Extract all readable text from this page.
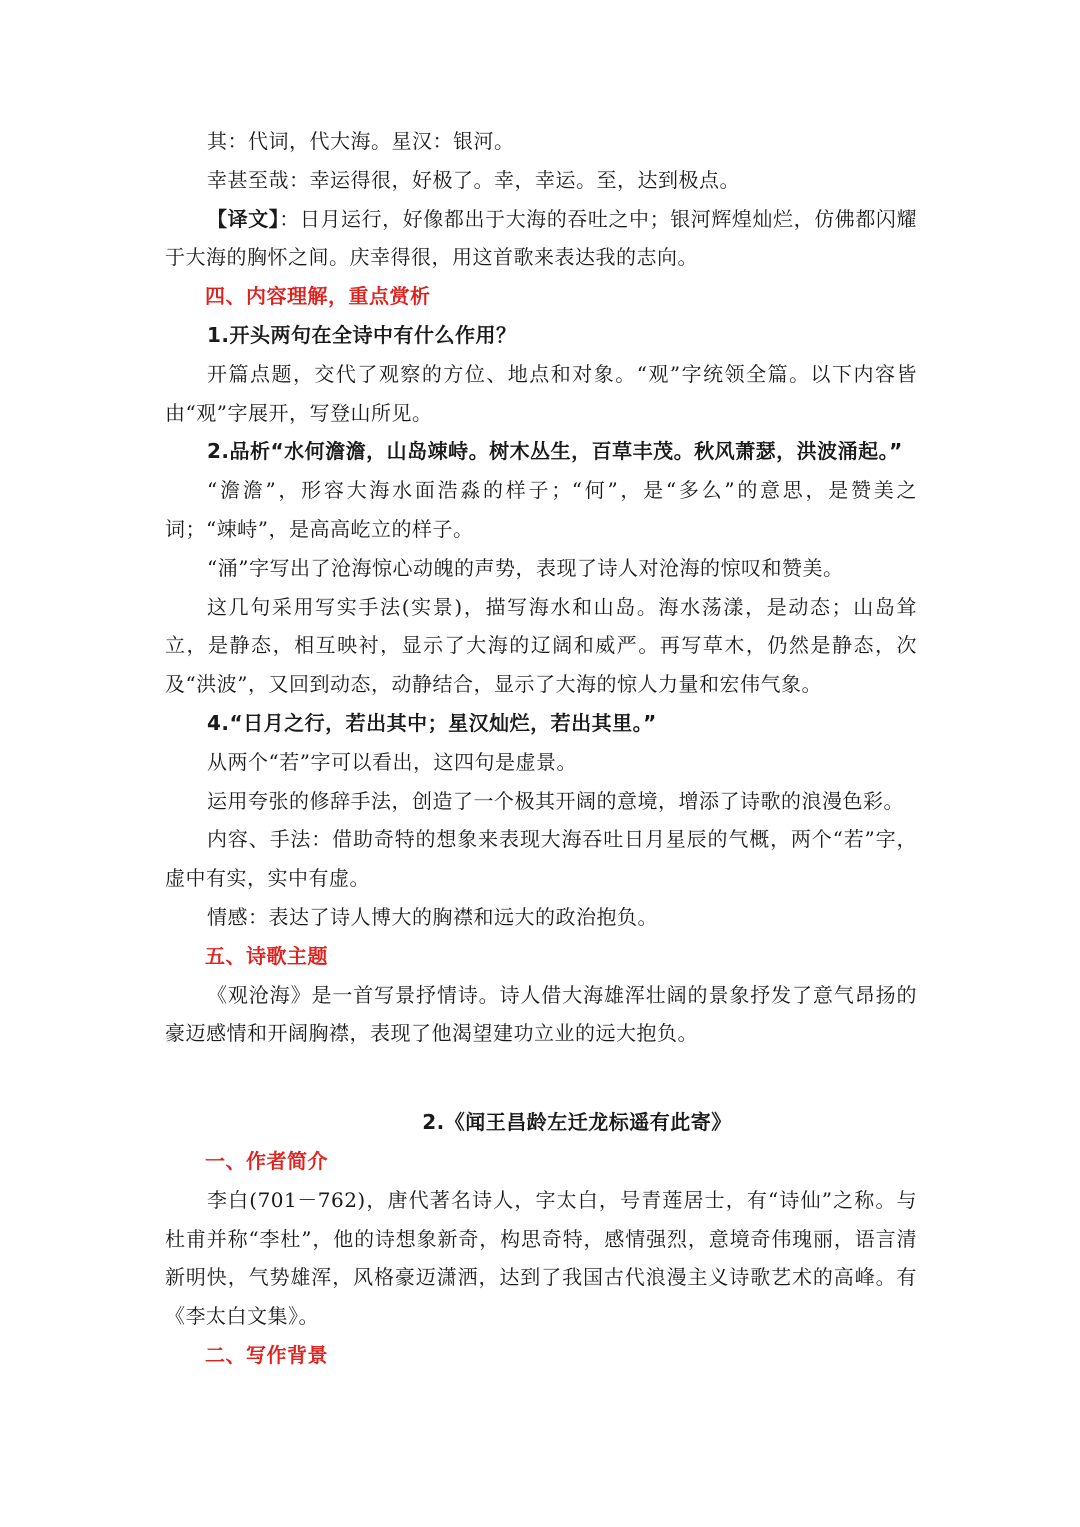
其：代词，代大海。星汉：银河。

幸甚至哉：幸运得很，好极了。幸，幸运。至，达到极点。

【译文】：日月运行，好像都出于大海的吞吐之中；银河辉煌灿烂，仿佛都闪耀于大海的胸怀之间。庆幸得很，用这首歌来表达我的志向。

四、内容理解，重点赏析

1.开头两句在全诗中有什么作用？

开篇点题，交代了观察的方位、地点和对象。“观”字统领全篇。以下内容皆由“观”字展开，写登山所见。

2.品析“水何澹澹，山岛竦峙。树木丛生，百草丰茂。秋风萧瑟，洪波涌起。”

“澹澹”，形容大海水面浩淼的样子；“何”，是“多么”的意思，是赞美之词；“竦峙”，是高高屹立的样子。

“涌”字写出了沧海惊心动魄的声势，表现了诗人对沧海的惊叹和赞美。

这几句采用写实手法(实景)，描写海水和山岛。海水荡漾，是动态；山岛耸立，是静态，相互映衬，显示了大海的辽阔和威严。再写草木，仍然是静态，次及“洪波”，又回到动态，动静结合，显示了大海的惊人力量和宏伟气象。

4.“日月之行，若出其中；星汉灿烂，若出其里。”

从两个“若”字可以看出，这四句是虚景。

运用夸张的修辞手法，创造了一个极其开阔的意境，增添了诗歌的浪漫色彩。

内容、手法：借助奇特的想象来表现大海吞吐日月星辰的气概，两个“若”字，虚中有实，实中有虚。

情感：表达了诗人博大的胸襟和远大的政治抱负。

五、诗歌主题

《观沧海》是一首写景抒情诗。诗人借大海雄浑壮阔的景象抒发了意气昂扬的豪迈感情和开阔胸襟，表现了他渴望建功立业的远大抱负。

2.《闻王昌龄左迁龙标遥有此寄》

一、作者简介

李白(701－762)，唐代著名诗人，字太白，号青莲居士，有“诗仙”之称。与杜甫并称“李杜”，他的诗想象新奇，构思奇特，感情强烈，意境奇伟瑰丽，语言清新明快，气势雄浑，风格豪迈潇洒，达到了我国古代浪漫主义诗歌艺术的高峰。有《李太白文集》。

二、写作背景
